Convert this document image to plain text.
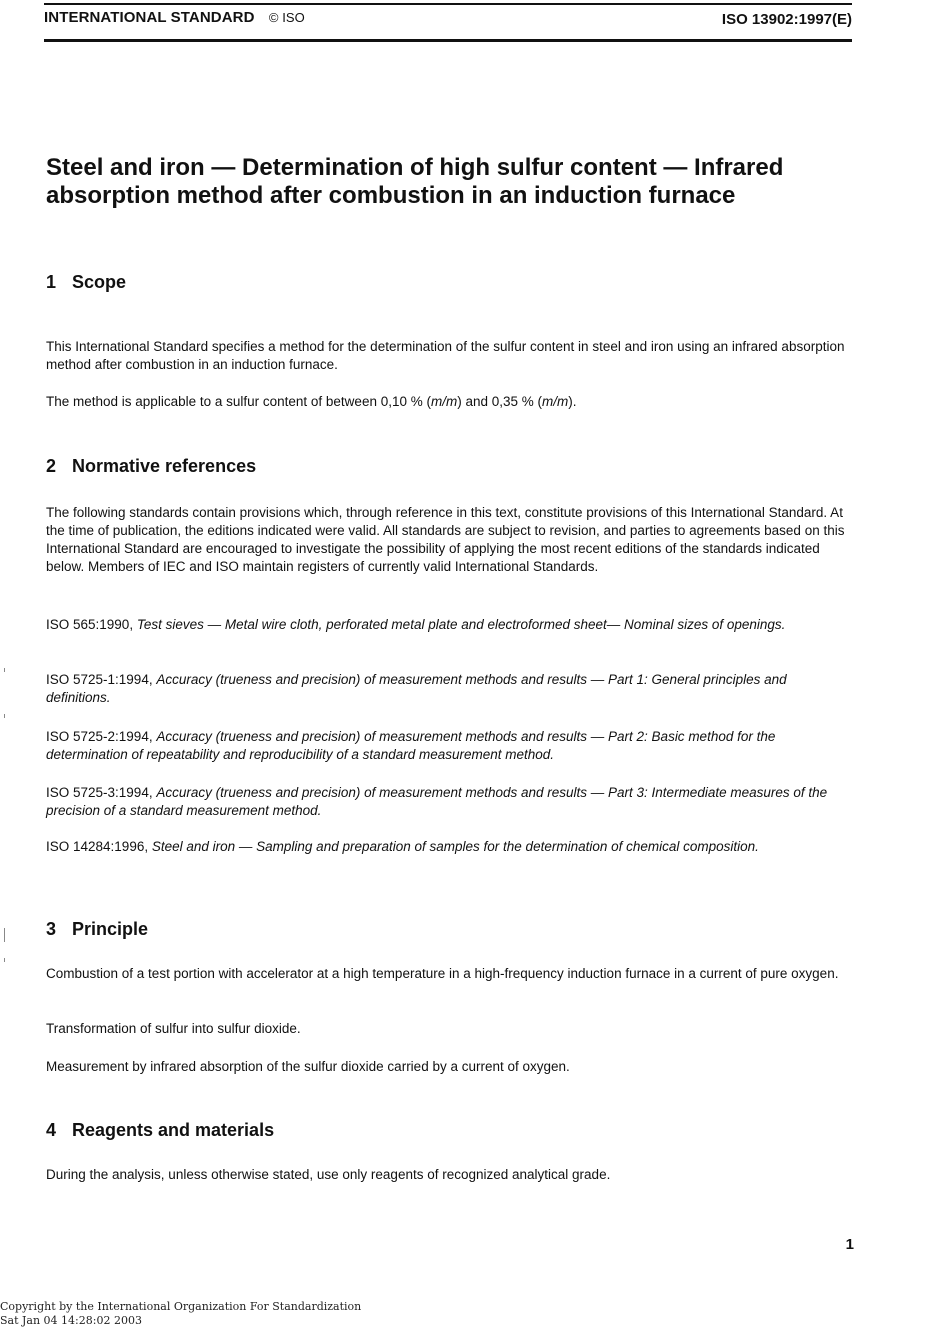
INTERNATIONAL STANDARD © ISO	ISO 13902:1997(E)
Steel and iron — Determination of high sulfur content — Infrared absorption method after combustion in an induction furnace
1 Scope

This International Standard specifies a method for the determination of the sulfur content in steel and iron using an infrared absorption method after combustion in an induction furnace.

The method is applicable to a sulfur content of between 0,10 % (m/m) and 0,35 % (m/m).

2 Normative references

The following standards contain provisions which, through reference in this text, constitute provisions of this International Standard. At the time of publication, the editions indicated were valid. All standards are subject to revision, and parties to agreements based on this International Standard are encouraged to investigate the possibility of applying the most recent editions of the standards indicated below. Members of IEC and ISO maintain registers of currently valid International Standards.

ISO 565:1990, Test sieves — Metal wire cloth, perforated metal plate and electroformed sheet— Nominal sizes of openings.

ISO 5725-1:1994, Accuracy (trueness and precision) of measurement methods and results — Part 1: General principles and definitions.

ISO 5725-2:1994, Accuracy (trueness and precision) of measurement methods and results — Part 2: Basic method for the determination of repeatability and reproducibility of a standard measurement method.

ISO 5725-3:1994, Accuracy (trueness and precision) of measurement methods and results — Part 3: Intermediate measures of the precision of a standard measurement method.

ISO 14284:1996, Steel and iron — Sampling and preparation of samples for the determination of chemical composition.

3 Principle

Combustion of a test portion with accelerator at a high temperature in a high-frequency induction furnace in a current of pure oxygen.

Transformation of sulfur into sulfur dioxide.

Measurement by infrared absorption of the sulfur dioxide carried by a current of oxygen.

4 Reagents and materials

During the analysis, unless otherwise stated, use only reagents of recognized analytical grade.

1
Copyright by the International Organization For Standardization
Sat Jan 04 14:28:02 2003
